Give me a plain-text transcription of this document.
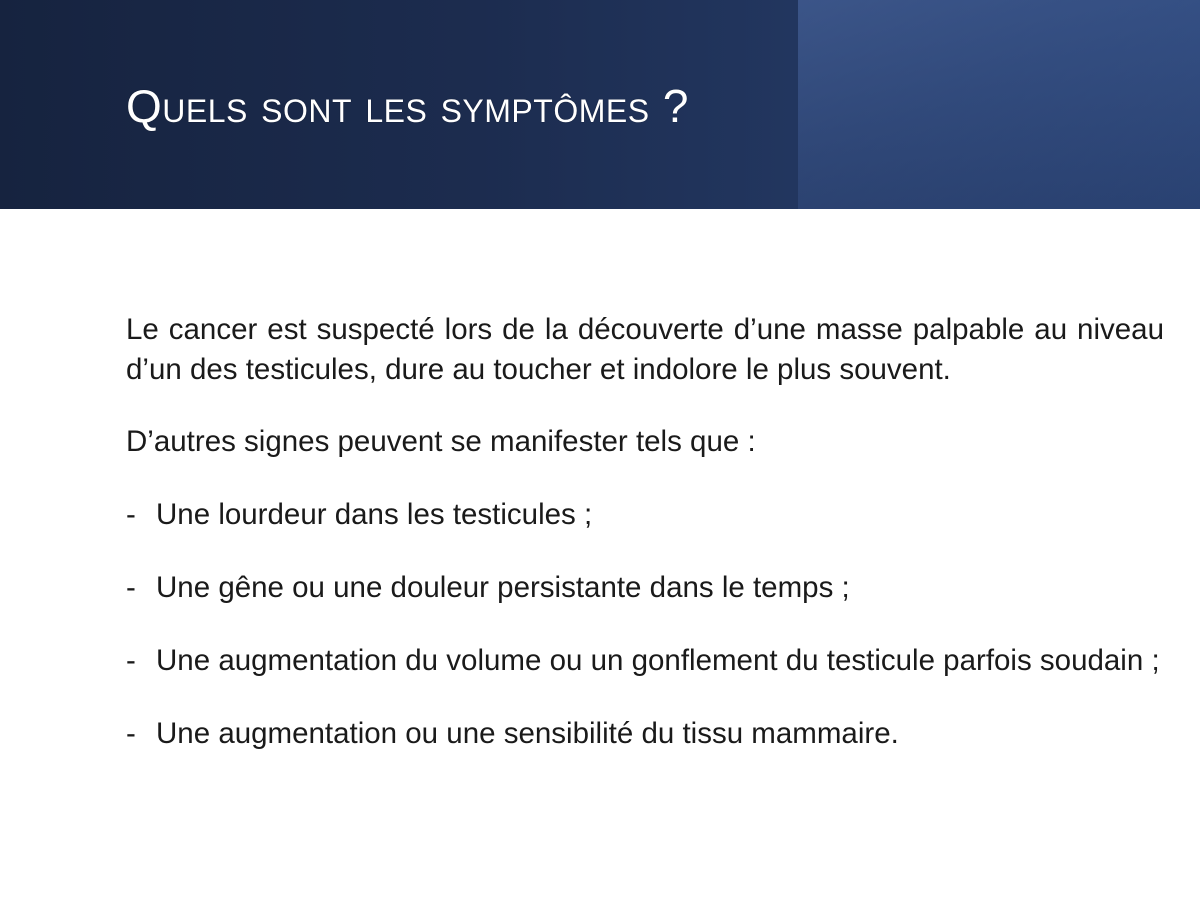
Quels sont les symptômes ?

Le cancer est suspecté lors de la découverte d’une masse palpable au niveau d’un des testicules, dure au toucher et indolore le plus souvent.

D’autres signes peuvent se manifester tels que :

- Une lourdeur dans les testicules ;
- Une gêne ou une douleur persistante dans le temps ;
- Une augmentation du volume ou un gonflement du testicule parfois soudain ;
- Une augmentation ou une sensibilité du tissu mammaire.
